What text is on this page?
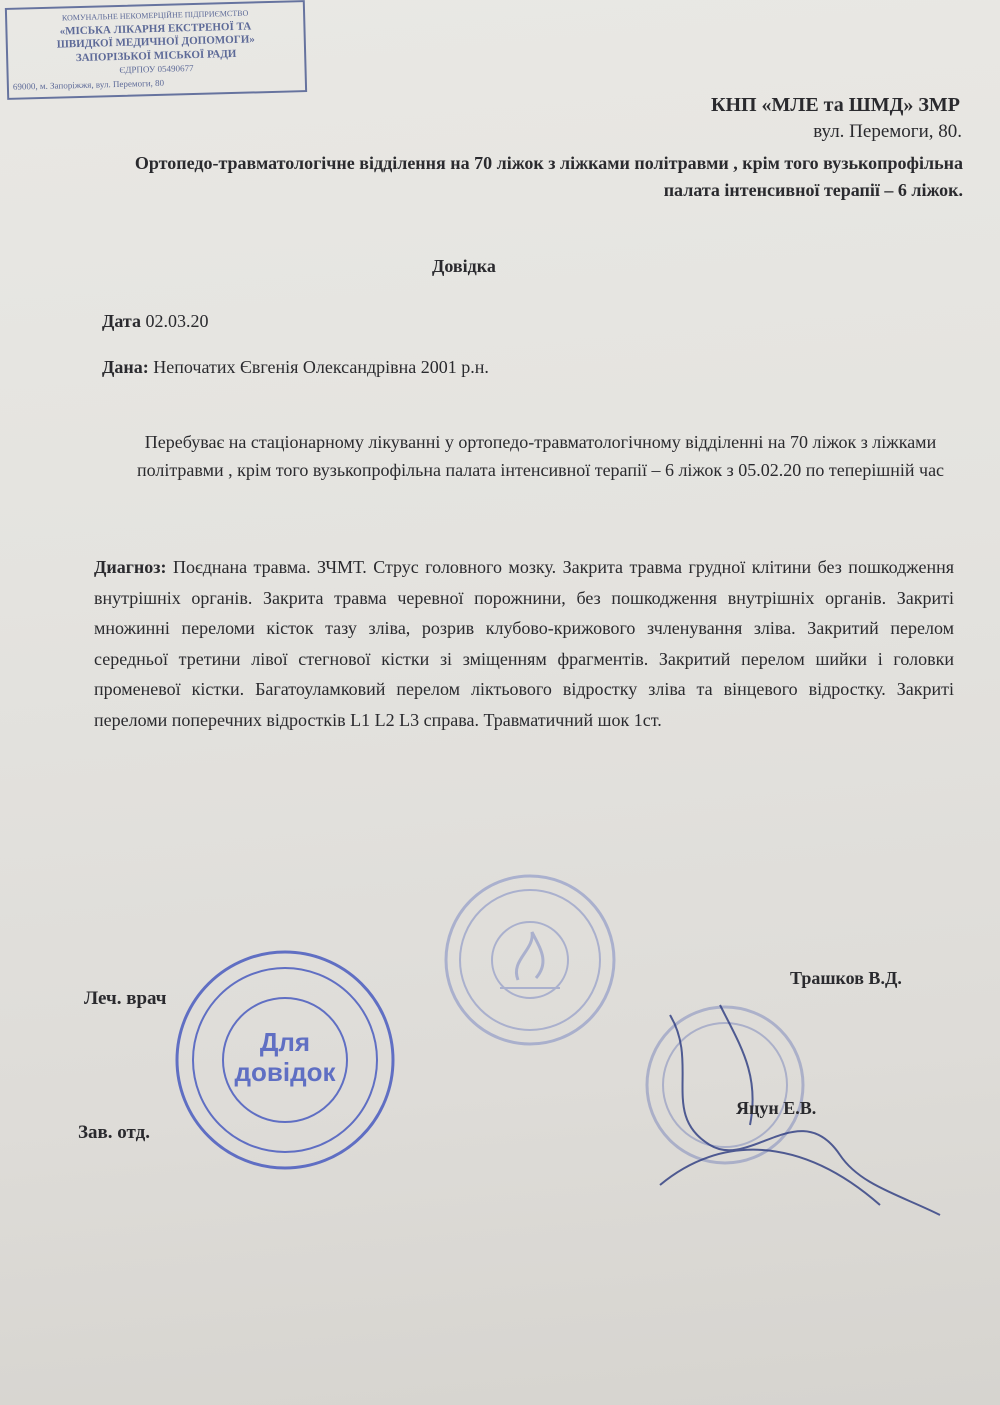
КОМУНАЛЬНЕ НЕКОМЕРЦІЙНЕ ПІДПРИЄМСТВО
«МІСЬКА ЛІКАРНЯ ЕКСТРЕНОЇ ТА
ШВИДКОЇ МЕДИЧНОЇ ДОПОМОГИ»
ЗАПОРІЗЬКОЇ МІСЬКОЇ РАДИ
ЄДРПОУ 05490677
69000, м. Запоріжжя, вул. Перемоги, 80
КНП «МЛЕ та ШМД» ЗМР
вул. Перемоги, 80.
Ортопедо-травматологічне відділення на 70 ліжок з ліжками політравми , крім того вузькопрофільна палата інтенсивної терапії – 6 ліжок.
Довідка
Дата 02.03.20
Дана: Непочатих Євгенія Олександрівна 2001 р.н.
Перебуває на стаціонарному лікуванні у ортопедо-травматологічному відділенні на 70 ліжок з ліжками політравми , крім того вузькопрофільна палата інтенсивної терапії – 6 ліжок з 05.02.20 по теперішній час
Диагноз: Поєднана травма. ЗЧМТ. Струс головного мозку. Закрита травма грудної клітини без пошкодження внутрішніх органів. Закрита травма черевної порожнини, без пошкодження внутрішніх органів. Закриті множинні переломи кісток тазу зліва, розрив клубово-крижового зчленування зліва. Закритий перелом середньої третини лівої стегнової кістки зі зміщенням фрагментів. Закритий перелом шийки і головки променевої кістки. Багатоуламковий перелом ліктьового відростку зліва та вінцевого відростку. Закриті переломи поперечних відростків L1 L2 L3 справа. Травматичний шок 1ст.
Для
довідок
Леч. врач
Зав. отд.
Трашков В.Д.
Яцун Е.В.
